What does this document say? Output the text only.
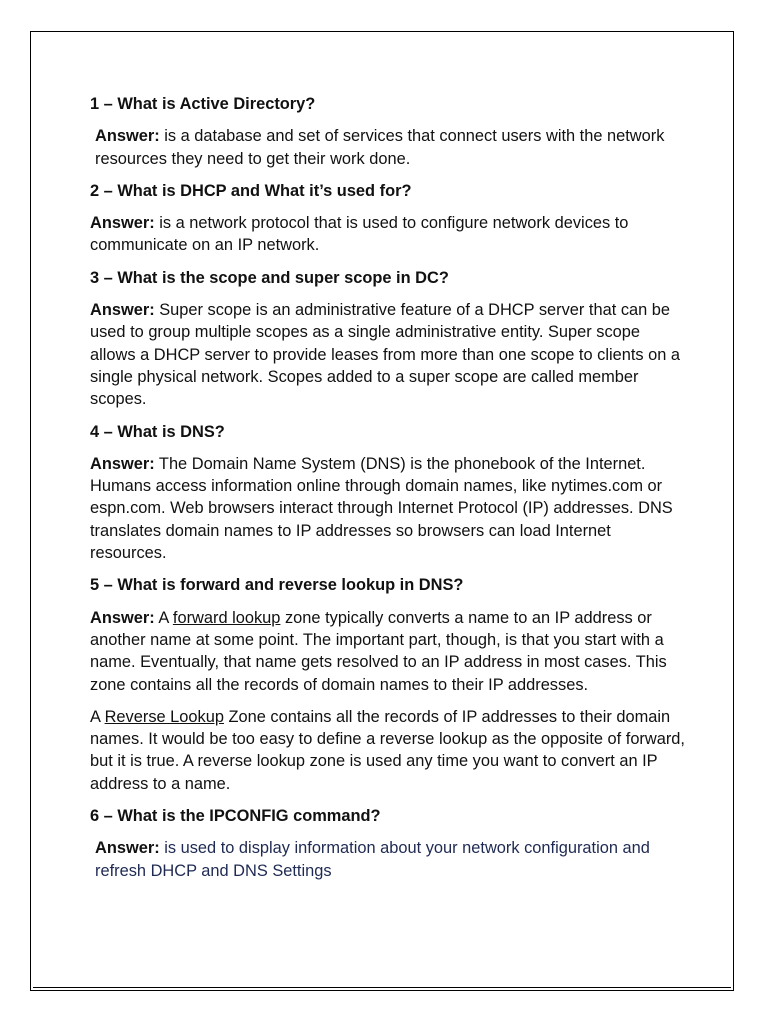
1 – What is Active Directory?

Answer: is a database and set of services that connect users with the network resources they need to get their work done.

2 – What is DHCP and What it’s used for?

Answer: is a network protocol that is used to configure network devices to communicate on an IP network.

3 – What is the scope and super scope in DC?

Answer: Super scope is an administrative feature of a DHCP server that can be used to group multiple scopes as a single administrative entity. Super scope allows a DHCP server to provide leases from more than one scope to clients on a single physical network. Scopes added to a super scope are called member scopes.

4 – What is DNS?

Answer: The Domain Name System (DNS) is the phonebook of the Internet. Humans access information online through domain names, like nytimes.com or espn.com. Web browsers interact through Internet Protocol (IP) addresses. DNS translates domain names to IP addresses so browsers can load Internet resources.

5 – What is forward and reverse lookup in DNS?

Answer: A forward lookup zone typically converts a name to an IP address or another name at some point. The important part, though, is that you start with a name. Eventually, that name gets resolved to an IP address in most cases. This zone contains all the records of domain names to their IP addresses.

A Reverse Lookup Zone contains all the records of IP addresses to their domain names. It would be too easy to define a reverse lookup as the opposite of forward, but it is true. A reverse lookup zone is used any time you want to convert an IP address to a name.

6 – What is the IPCONFIG command?

Answer: is used to display information about your network configuration and refresh DHCP and DNS Settings
